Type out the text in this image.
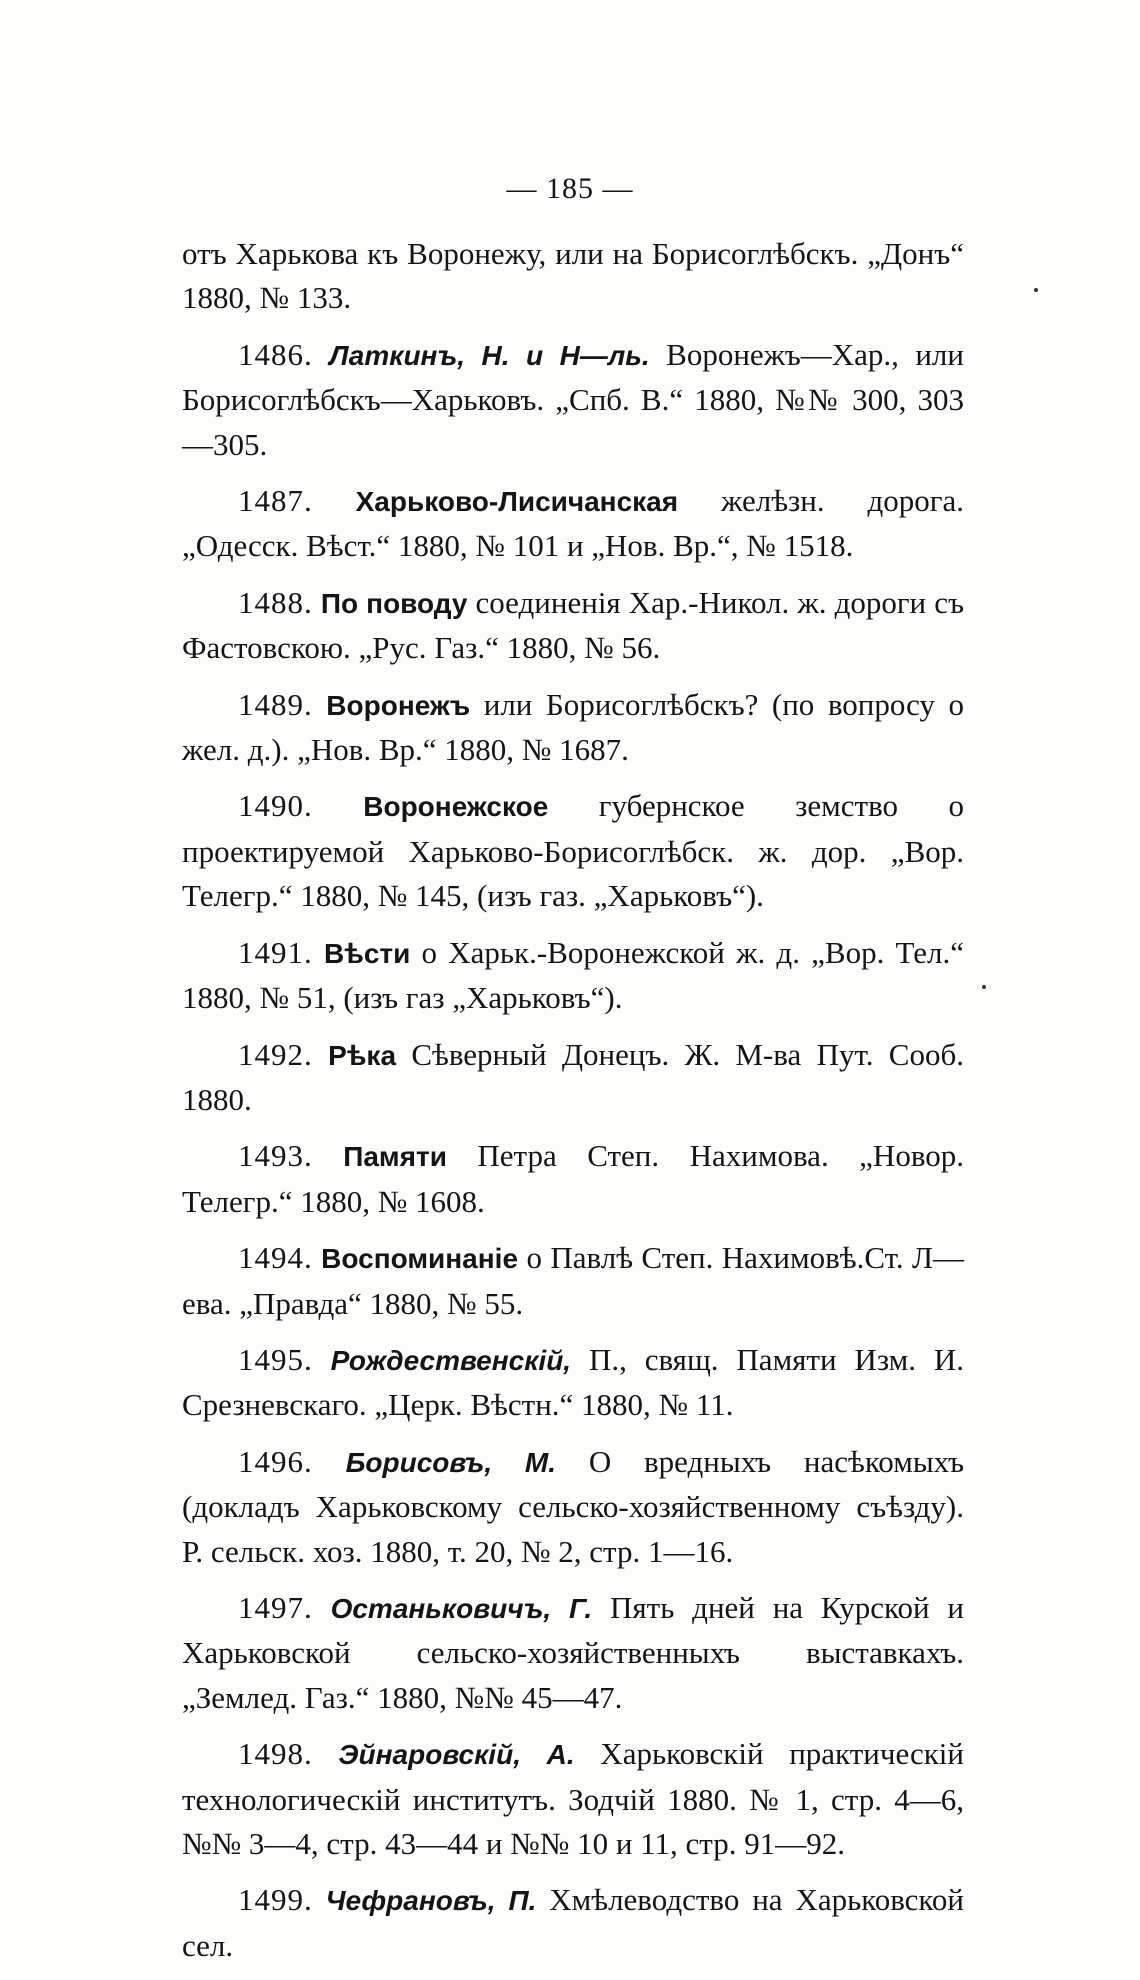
— 185 —

отъ Харькова къ Воронежу, или на Борисоглѣбскъ. „Донъ“ 1880, № 133.

1486. Латкинъ, Н. и Н—ль. Воронежъ—Хар., или Борисоглѣбскъ—Харьковъ. „Спб. В.“ 1880, №№ 300, 303—305.

1487. Харьково-Лисичанская желѣзн. дорога. „Одесск. Вѣст.“ 1880, № 101 и „Нов. Вр.“, № 1518.

1488. По поводу соединенія Хар.-Никол. ж. дороги съ Фастовскою. „Рус. Газ.“ 1880, № 56.

1489. Воронежъ или Борисоглѣбскъ? (по вопросу о жел. д.). „Нов. Вр.“ 1880, № 1687.

1490. Воронежское губернское земство о проектируемой Харьково-Борисоглѣбск. ж. дор. „Вор. Телегр.“ 1880, № 145, (изъ газ. „Харьковъ“).

1491. Вѣсти о Харьк.-Воронежской ж. д. „Вор. Тел.“ 1880, № 51, (изъ газ „Харьковъ“).

1492. Рѣка Сѣверный Донецъ. Ж. М-ва Пут. Сооб. 1880.

1493. Памяти Петра Степ. Нахимова. „Новор. Телегр.“ 1880, № 1608.

1494. Воспоминаніе о Павлѣ Степ. Нахимовѣ.Ст. Л—ева. „Правда“ 1880, № 55.

1495. Рождественскій, П., свящ. Памяти Изм. И. Срезневскаго. „Церк. Вѣстн.“ 1880, № 11.

1496. Борисовъ, М. О вредныхъ насѣкомыхъ (докладъ Харьковскому сельско-хозяйственному съѣзду). Р. сельск. хоз. 1880, т. 20, № 2, стр. 1—16.

1497. Останьковичъ, Г. Пять дней на Курской и Харьковской сельско-хозяйственныхъ выставкахъ. „Землед. Газ.“ 1880, №№ 45—47.

1498. Эйнаровскій, А. Харьковскій практическій технологическій институтъ. Зодчій 1880. № 1, стр. 4—6, №№ 3—4, стр. 43—44 и №№ 10 и 11, стр. 91—92.

1499. Чефрановъ, П. Хмѣлеводство на Харьковской сел.
